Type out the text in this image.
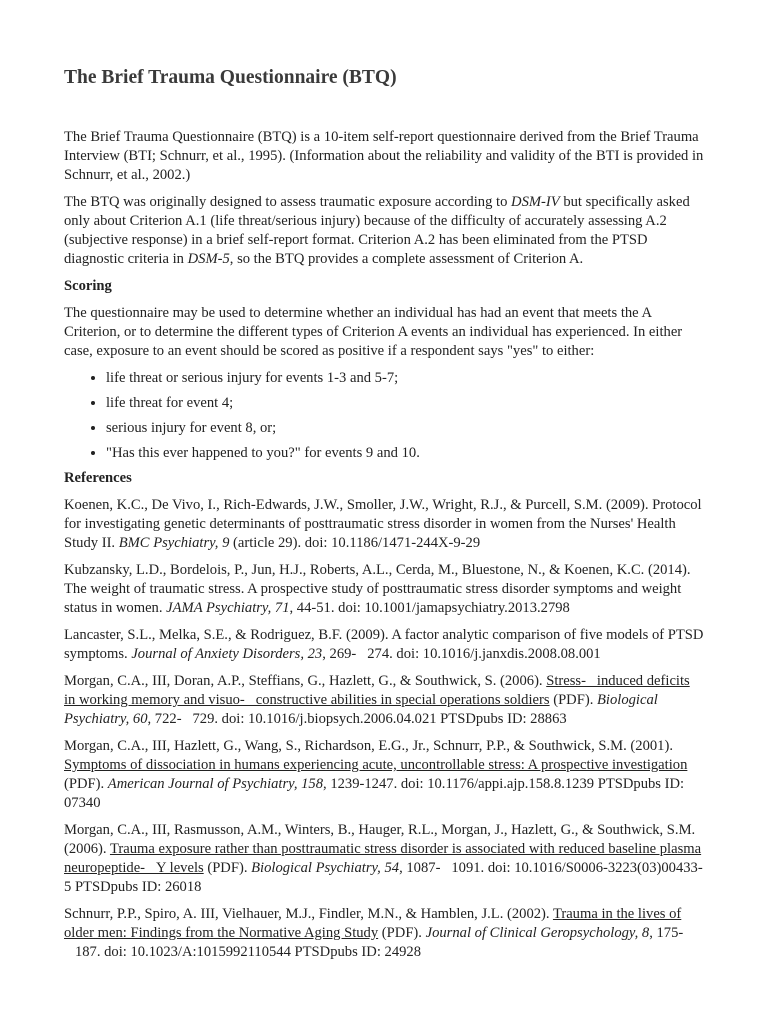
The Brief Trauma Questionnaire (BTQ)

The Brief Trauma Questionnaire (BTQ) is a 10-item self-report questionnaire derived from the Brief Trauma Interview (BTI; Schnurr, et al., 1995). (Information about the reliability and validity of the BTI is provided in Schnurr, et al., 2002.)

The BTQ was originally designed to assess traumatic exposure according to DSM-IV but specifically asked only about Criterion A.1 (life threat/serious injury) because of the difficulty of accurately assessing A.2 (subjective response) in a brief self-report format. Criterion A.2 has been eliminated from the PTSD diagnostic criteria in DSM-5, so the BTQ provides a complete assessment of Criterion A.

Scoring

The questionnaire may be used to determine whether an individual has had an event that meets the A Criterion, or to determine the different types of Criterion A events an individual has experienced. In either case, exposure to an event should be scored as positive if a respondent says "yes" to either:

• life threat or serious injury for events 1-3 and 5-7;
• life threat for event 4;
• serious injury for event 8, or;
• "Has this ever happened to you?" for events 9 and 10.

References

Koenen, K.C., De Vivo, I., Rich-Edwards, J.W., Smoller, J.W., Wright, R.J., & Purcell, S.M. (2009). Protocol for investigating genetic determinants of posttraumatic stress disorder in women from the Nurses' Health Study II. BMC Psychiatry, 9 (article 29). doi: 10.1186/1471-244X-9-29

Kubzansky, L.D., Bordelois, P., Jun, H.J., Roberts, A.L., Cerda, M., Bluestone, N., & Koenen, K.C. (2014). The weight of traumatic stress. A prospective study of posttraumatic stress disorder symptoms and weight status in women. JAMA Psychiatry, 71, 44-51. doi: 10.1001/jamapsychiatry.2013.2798

Lancaster, S.L., Melka, S.E., & Rodriguez, B.F. (2009). A factor analytic comparison of five models of PTSD symptoms. Journal of Anxiety Disorders, 23, 269-   274. doi: 10.1016/j.janxdis.2008.08.001

Morgan, C.A., III, Doran, A.P., Steffians, G., Hazlett, G., & Southwick, S. (2006). Stress-   induced deficits in working memory and visuo-   constructive abilities in special operations soldiers (PDF). Biological Psychiatry, 60, 722-   729. doi: 10.1016/j.biopsych.2006.04.021 PTSDpubs ID: 28863

Morgan, C.A., III, Hazlett, G., Wang, S., Richardson, E.G., Jr., Schnurr, P.P., & Southwick, S.M. (2001). Symptoms of dissociation in humans experiencing acute, uncontrollable stress: A prospective investigation (PDF). American Journal of Psychiatry, 158, 1239-1247. doi: 10.1176/appi.ajp.158.8.1239 PTSDpubs ID: 07340

Morgan, C.A., III, Rasmusson, A.M., Winters, B., Hauger, R.L., Morgan, J., Hazlett, G., & Southwick, S.M. (2006). Trauma exposure rather than posttraumatic stress disorder is associated with reduced baseline plasma neuropeptide-   Y levels (PDF). Biological Psychiatry, 54, 1087-   1091. doi: 10.1016/S0006-3223(03)00433-5 PTSDpubs ID: 26018

Schnurr, P.P., Spiro, A. III, Vielhauer, M.J., Findler, M.N., & Hamblen, J.L. (2002). Trauma in the lives of older men: Findings from the Normative Aging Study (PDF). Journal of Clinical Geropsychology, 8, 175-   187. doi: 10.1023/A:1015992110544 PTSDpubs ID: 24928
